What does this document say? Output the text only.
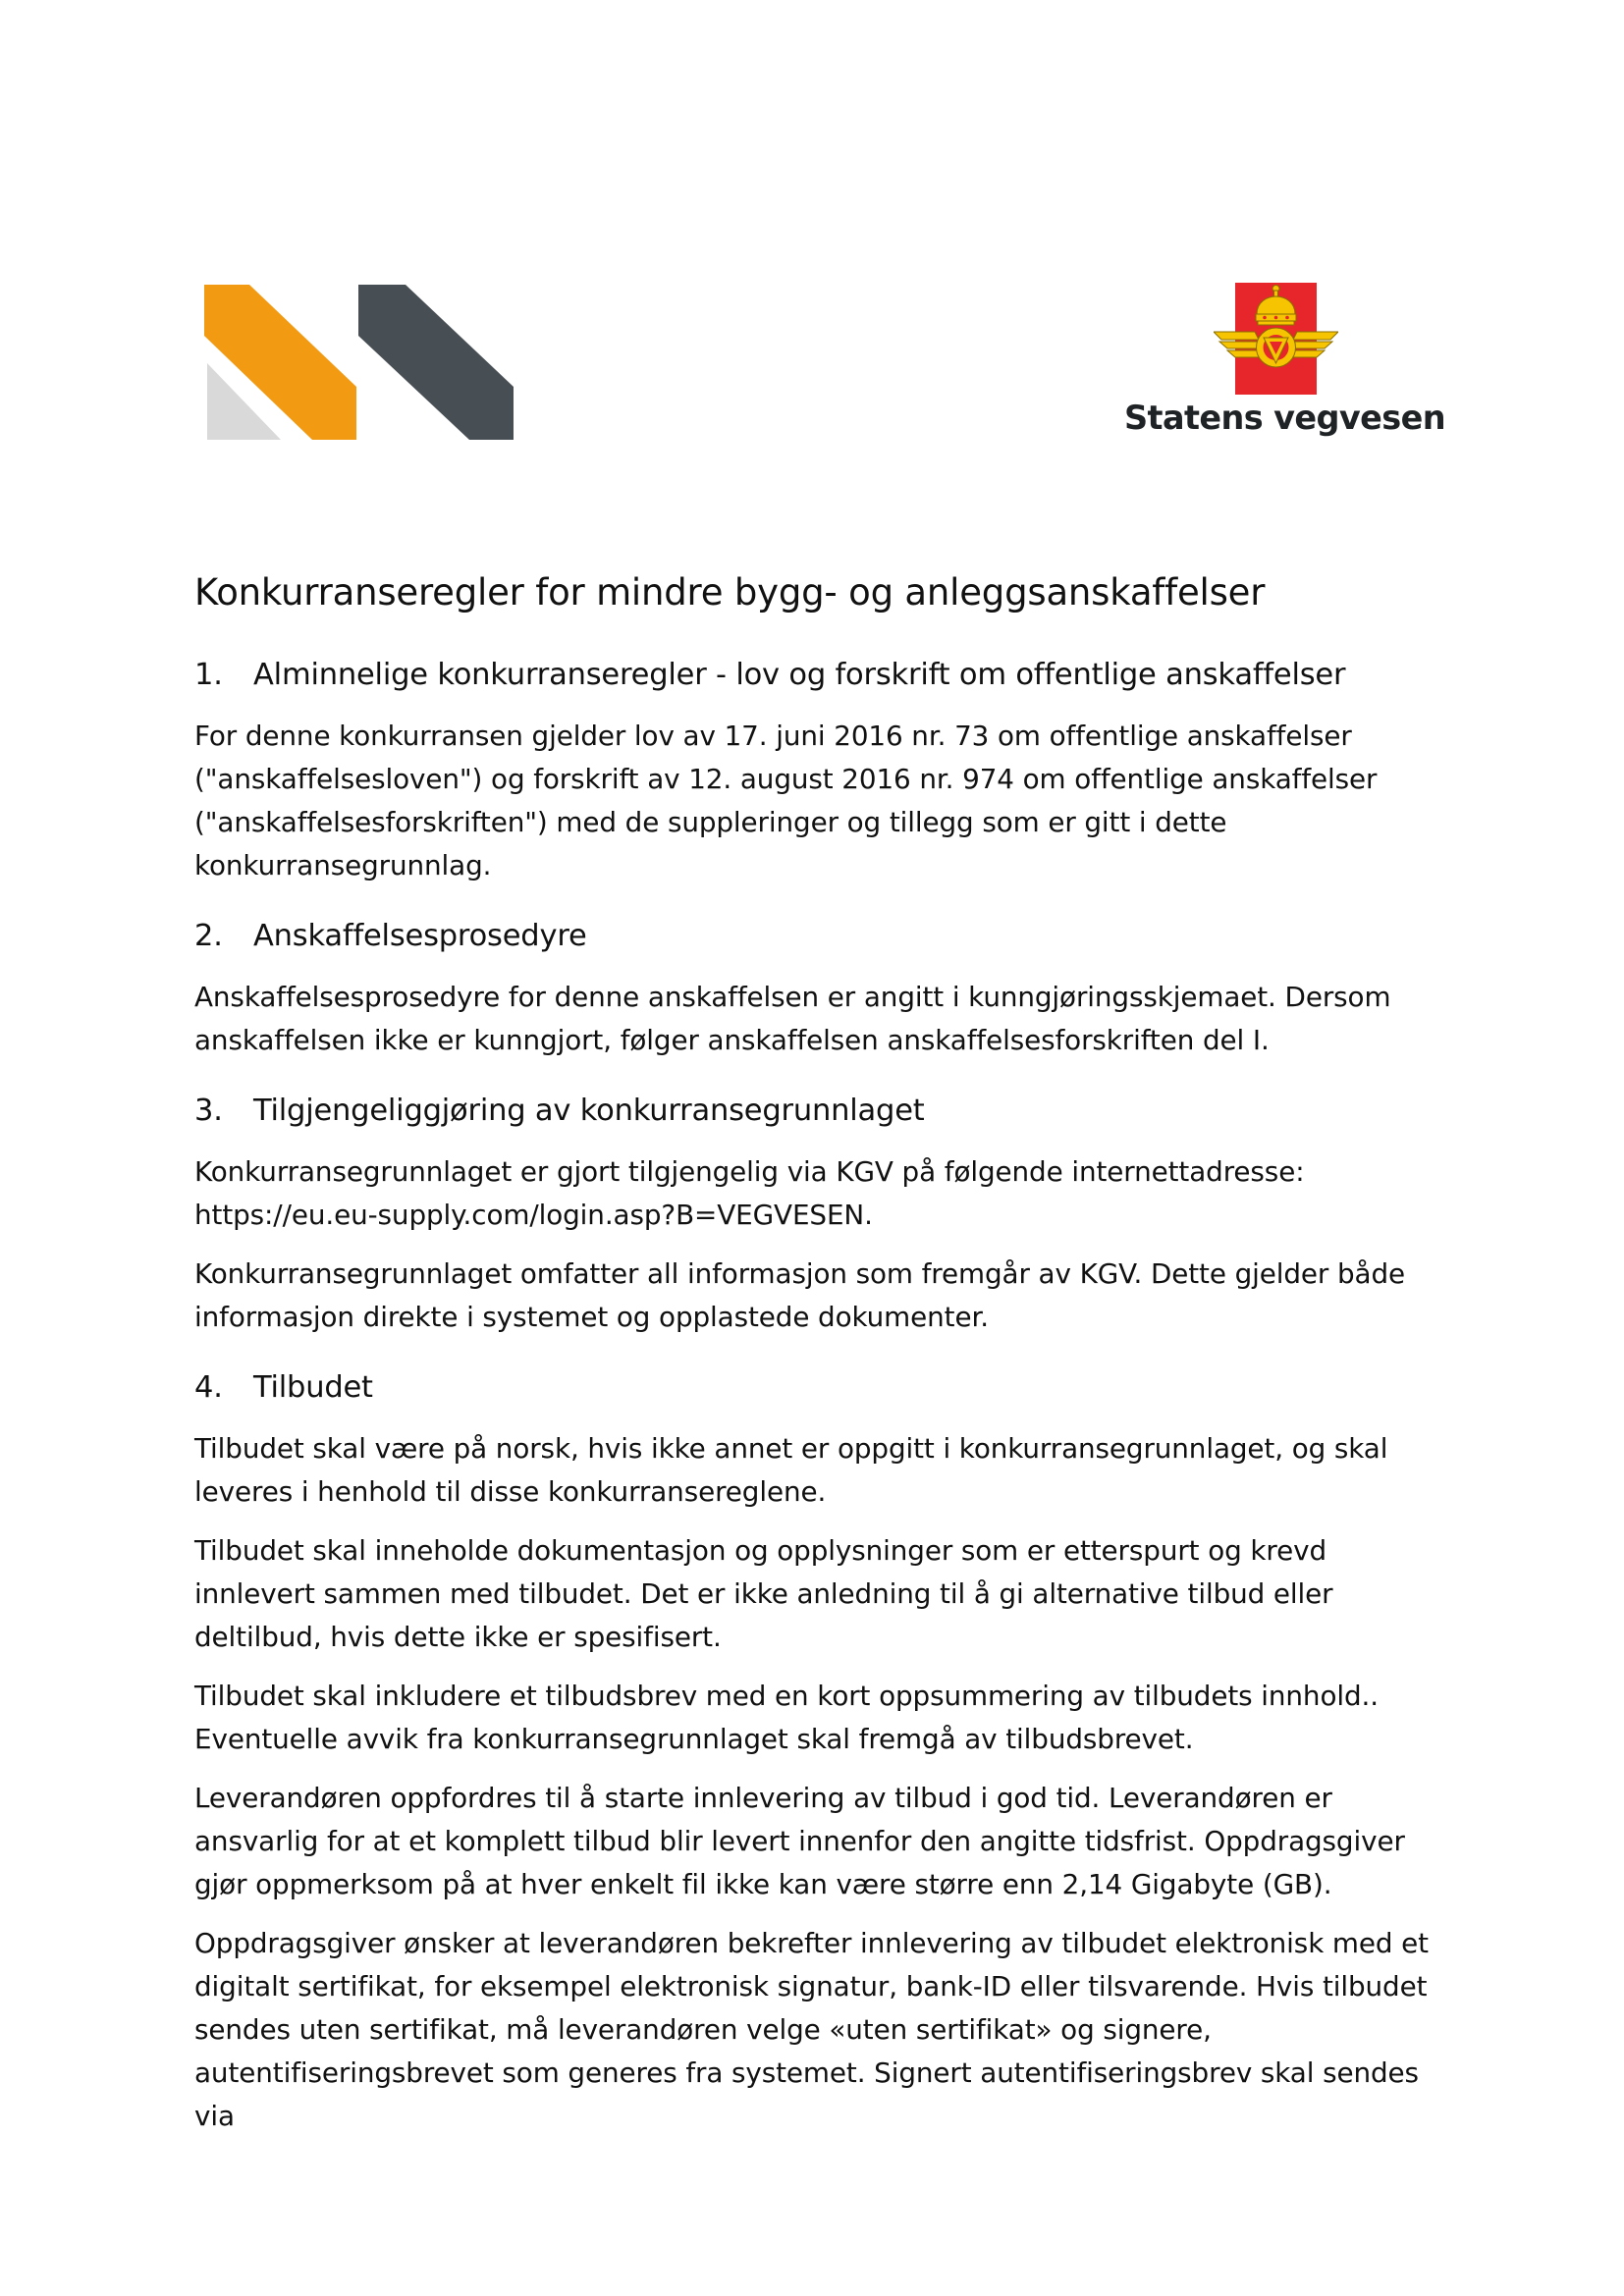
Statens vegvesen
Konkurranseregler for mindre bygg- og anleggsanskaffelser
1.	Alminnelige konkurranseregler - lov og forskrift om offentlige anskaffelser

For denne konkurransen gjelder lov av 17. juni 2016 nr. 73 om offentlige anskaffelser ("anskaffelsesloven") og forskrift av 12. august 2016 nr. 974 om offentlige anskaffelser ("anskaffelsesforskriften") med de suppleringer og tillegg som er gitt i dette konkurransegrunnlag.

2.	Anskaffelsesprosedyre

Anskaffelsesprosedyre for denne anskaffelsen er angitt i kunngjøringsskjemaet. Dersom anskaffelsen ikke er kunngjort, følger anskaffelsen anskaffelsesforskriften del I.

3.	Tilgjengeliggjøring av konkurransegrunnlaget

Konkurransegrunnlaget er gjort tilgjengelig via KGV på følgende internettadresse: https://eu.eu-supply.com/login.asp?B=VEGVESEN.

Konkurransegrunnlaget omfatter all informasjon som fremgår av KGV. Dette gjelder både informasjon direkte i systemet og opplastede dokumenter.

4.	Tilbudet

Tilbudet skal være på norsk, hvis ikke annet er oppgitt i konkurransegrunnlaget, og skal leveres i henhold til disse konkurransereglene.

Tilbudet skal inneholde dokumentasjon og opplysninger som er etterspurt og krevd innlevert sammen med tilbudet. Det er ikke anledning til å gi alternative tilbud eller deltilbud, hvis dette ikke er spesifisert.

Tilbudet skal inkludere et tilbudsbrev med en kort oppsummering av tilbudets innhold.. Eventuelle avvik fra konkurransegrunnlaget skal fremgå av tilbudsbrevet.

Leverandøren oppfordres til å starte innlevering av tilbud i god tid. Leverandøren er ansvarlig for at et komplett tilbud blir levert innenfor den angitte tidsfrist. Oppdragsgiver gjør oppmerksom på at hver enkelt fil ikke kan være større enn 2,14 Gigabyte (GB).

Oppdragsgiver ønsker at leverandøren bekrefter innlevering av tilbudet elektronisk med et digitalt sertifikat, for eksempel elektronisk signatur, bank-ID eller tilsvarende. Hvis tilbudet sendes uten sertifikat, må leverandøren velge «uten sertifikat» og signere, autentifiseringsbrevet som generes fra systemet. Signert autentifiseringsbrev skal sendes via
